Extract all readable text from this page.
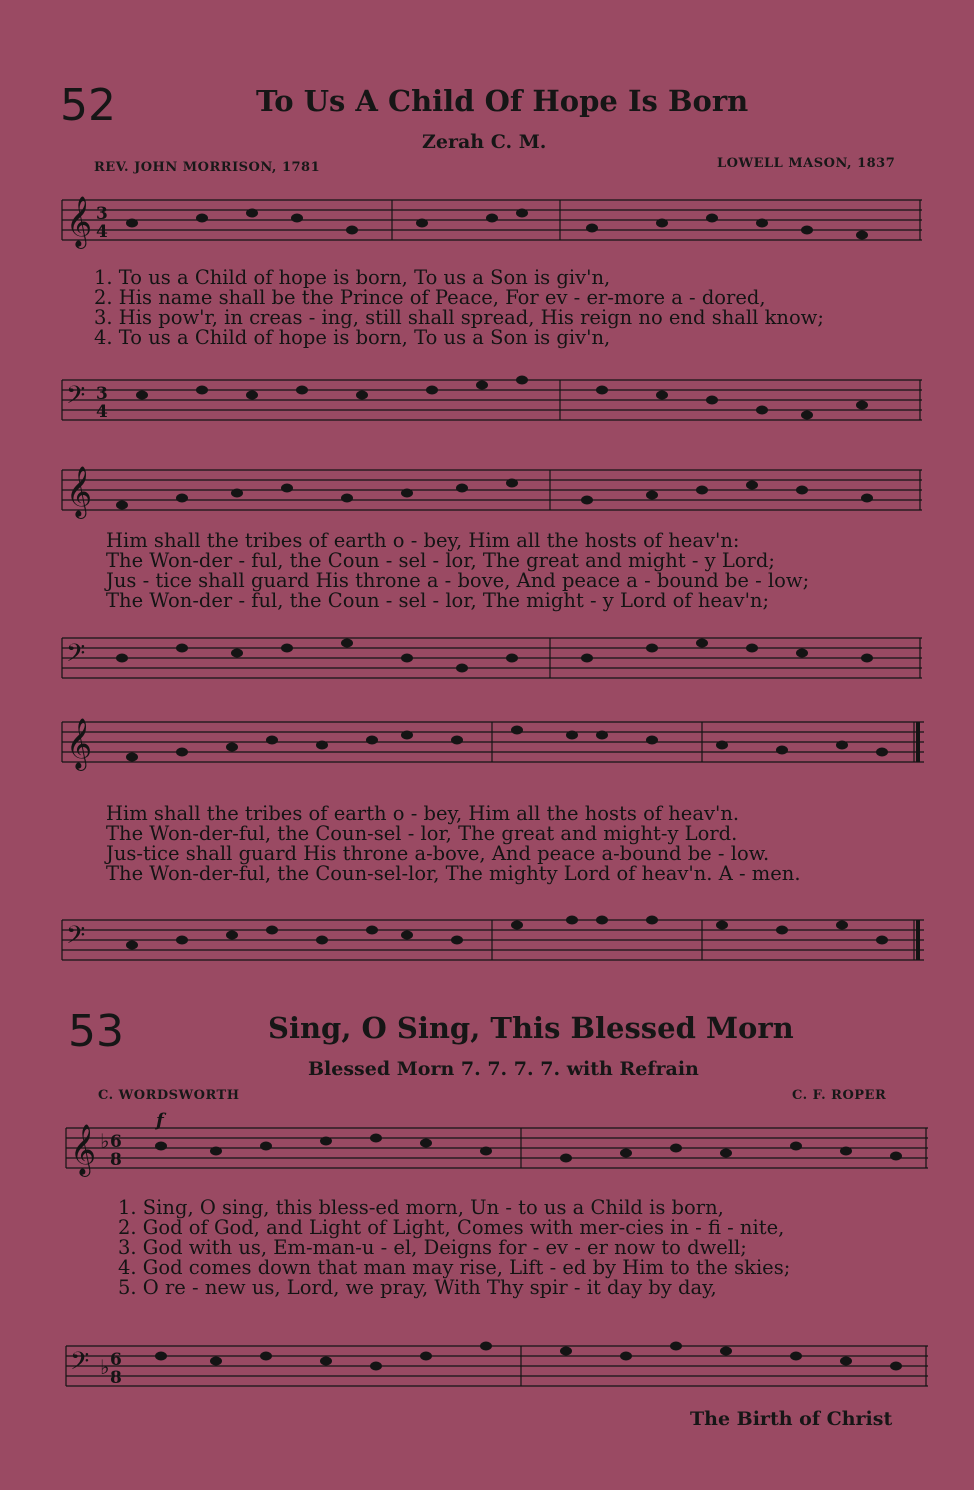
52	To Us A Child Of Hope Is Born
Zerah C. M.
REV. JOHN MORRISON, 1781	LOWELL MASON, 1837
𝄞 3
4
1. To us a Child of hope is born, To us a Son is giv'n,
2. His name shall be the Prince of Peace, For ev - er-more a - dored,
3. His pow'r, in creas - ing, still shall spread, His reign no end shall know;
4. To us a Child of hope is born, To us a Son is giv'n,
𝄢 3
4
𝄞
Him shall the tribes of earth o - bey, Him all the hosts of heav'n:
The Won-der - ful, the Coun - sel - lor, The great and might - y Lord;
Jus - tice shall guard His throne a - bove, And peace a - bound be - low;
The Won-der - ful, the Coun - sel - lor, The might - y Lord of heav'n;
𝄢
𝄞
Him shall the tribes of earth o - bey, Him all the hosts of heav'n.
The Won-der-ful, the Coun-sel - lor, The great and might-y Lord.
Jus-tice shall guard His throne a-bove, And peace a-bound be - low.
The Won-der-ful, the Coun-sel-lor, The mighty Lord of heav'n. A - men.
𝄢
53	Sing, O Sing, This Blessed Morn
Blessed Morn 7. 7. 7. 7. with Refrain
C. WORDSWORTH	C. F. ROPER
𝄞 ♭ 6
8
f
1. Sing, O sing, this bless-ed morn, Un - to us a Child is born,
2. God of God, and Light of Light, Comes with mer-cies in - fi - nite,
3. God with us, Em-man-u - el, Deigns for - ev - er now to dwell;
4. God comes down that man may rise, Lift - ed by Him to the skies;
5. O re - new us, Lord, we pray, With Thy spir - it day by day,
𝄢 ♭ 6
8
The Birth of Christ
